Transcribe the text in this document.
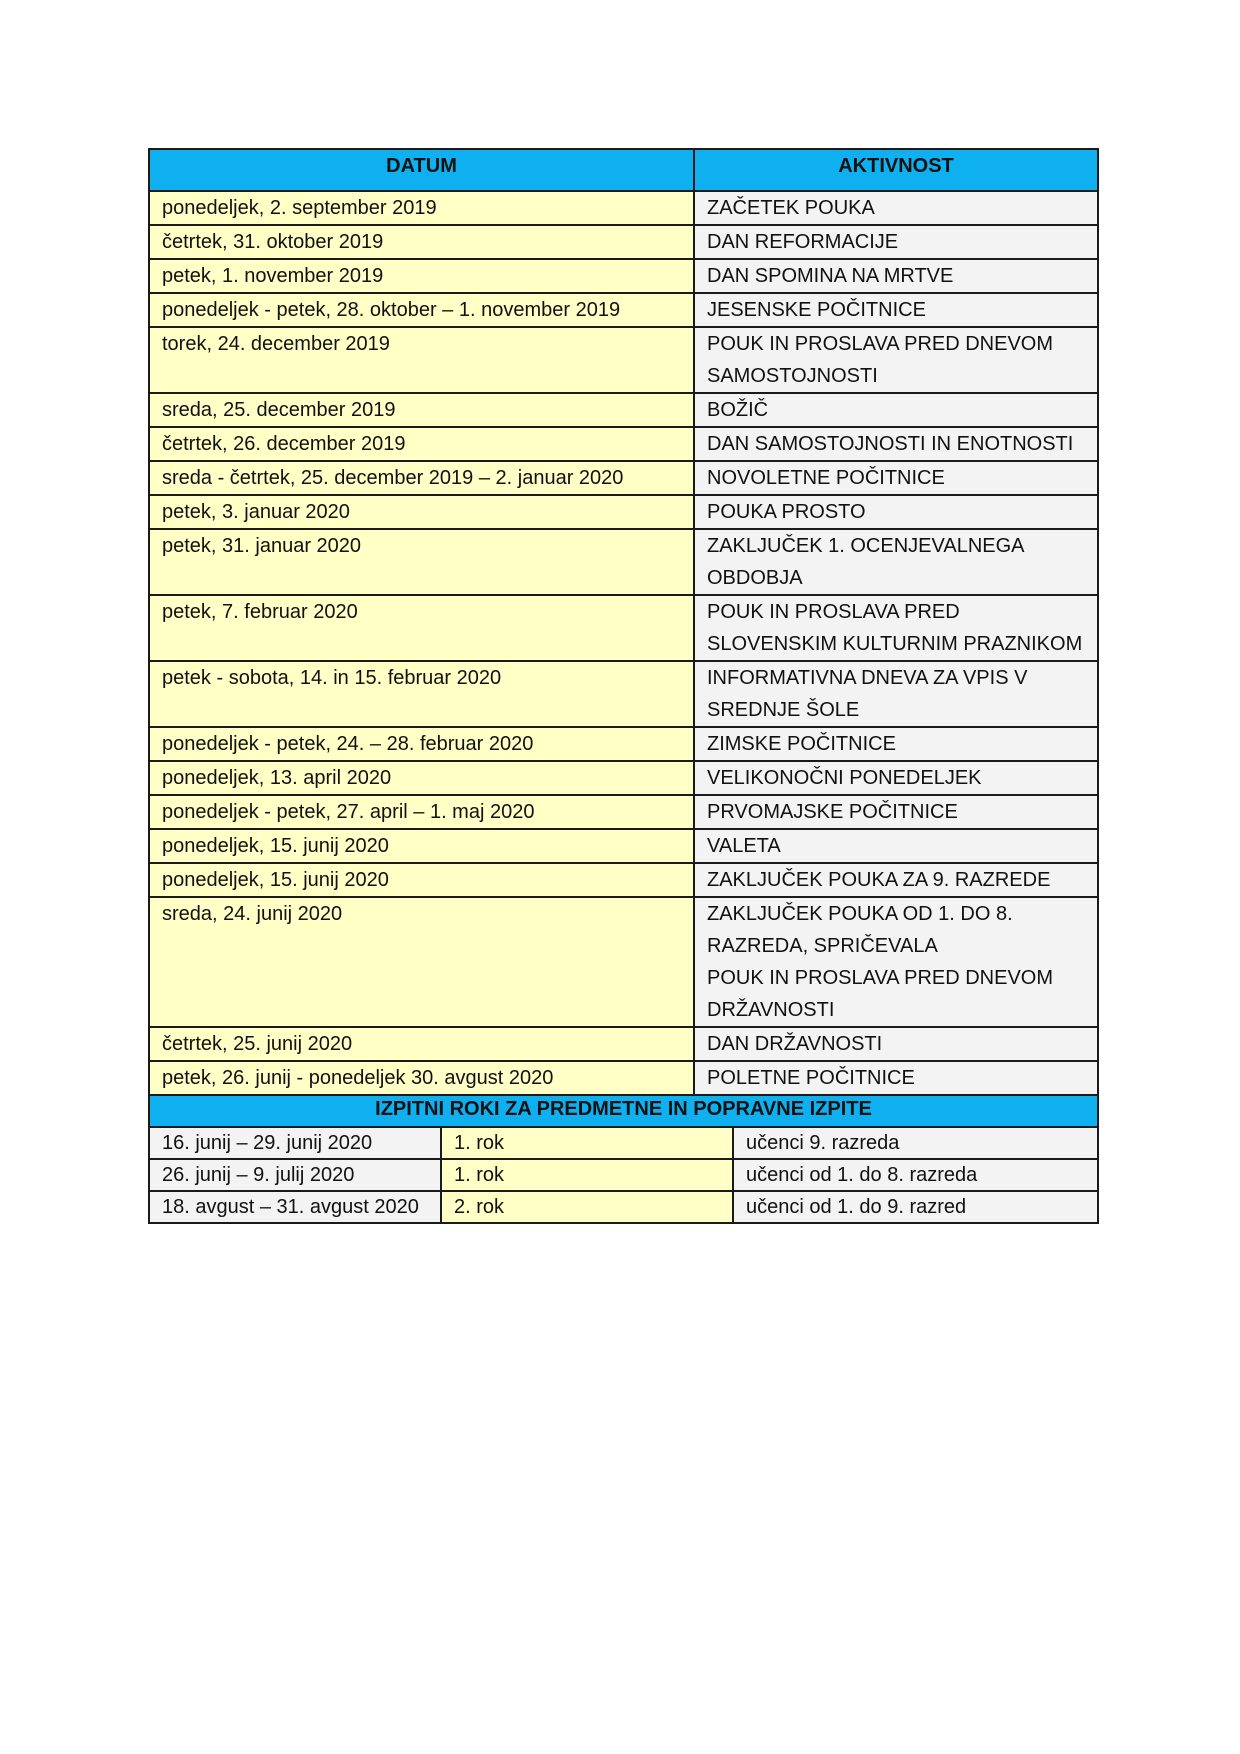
DATUM	AKTIVNOST
ponedeljek, 2. september 2019	ZAČETEK POUKA

četrtek, 31. oktober 2019	DAN REFORMACIJE

petek, 1. november 2019	DAN SPOMINA NA MRTVE

ponedeljek - petek, 28. oktober – 1. november 2019	JESENSKE POČITNICE

torek, 24. december 2019	POUK IN PROSLAVA PRED DNEVOM SAMOSTOJNOSTI

sreda, 25. december 2019	BOŽIČ

četrtek, 26. december 2019	DAN SAMOSTOJNOSTI IN ENOTNOSTI

sreda - četrtek, 25. december 2019 – 2. januar 2020	NOVOLETNE POČITNICE

petek, 3. januar 2020	POUKA PROSTO

petek, 31. januar 2020	ZAKLJUČEK 1. OCENJEVALNEGA OBDOBJA

petek, 7. februar 2020	POUK IN PROSLAVA PRED SLOVENSKIM KULTURNIM PRAZNIKOM

petek - sobota, 14. in 15. februar 2020	INFORMATIVNA DNEVA ZA VPIS V SREDNJE ŠOLE

ponedeljek - petek, 24. – 28. februar 2020	ZIMSKE POČITNICE

ponedeljek, 13. april 2020	VELIKONOČNI PONEDELJEK

ponedeljek - petek, 27. april – 1. maj 2020	PRVOMAJSKE POČITNICE

ponedeljek, 15. junij 2020	VALETA

ponedeljek, 15. junij 2020	ZAKLJUČEK POUKA ZA 9. RAZREDE

sreda, 24. junij 2020	ZAKLJUČEK POUKA OD 1. DO 8. RAZREDA, SPRIČEVALA
POUK IN PROSLAVA PRED DNEVOM DRŽAVNOSTI

četrtek, 25. junij 2020	DAN DRŽAVNOSTI

petek, 26. junij - ponedeljek 30. avgust 2020	POLETNE POČITNICE
IZPITNI ROKI ZA PREDMETNE IN POPRAVNE IZPITE		
16. junij – 29. junij 2020	1. rok	učenci 9. razreda
26. junij – 9. julij 2020	1. rok	učenci od 1. do 8. razreda
18. avgust – 31. avgust 2020	2. rok	učenci od 1. do 9. razred
